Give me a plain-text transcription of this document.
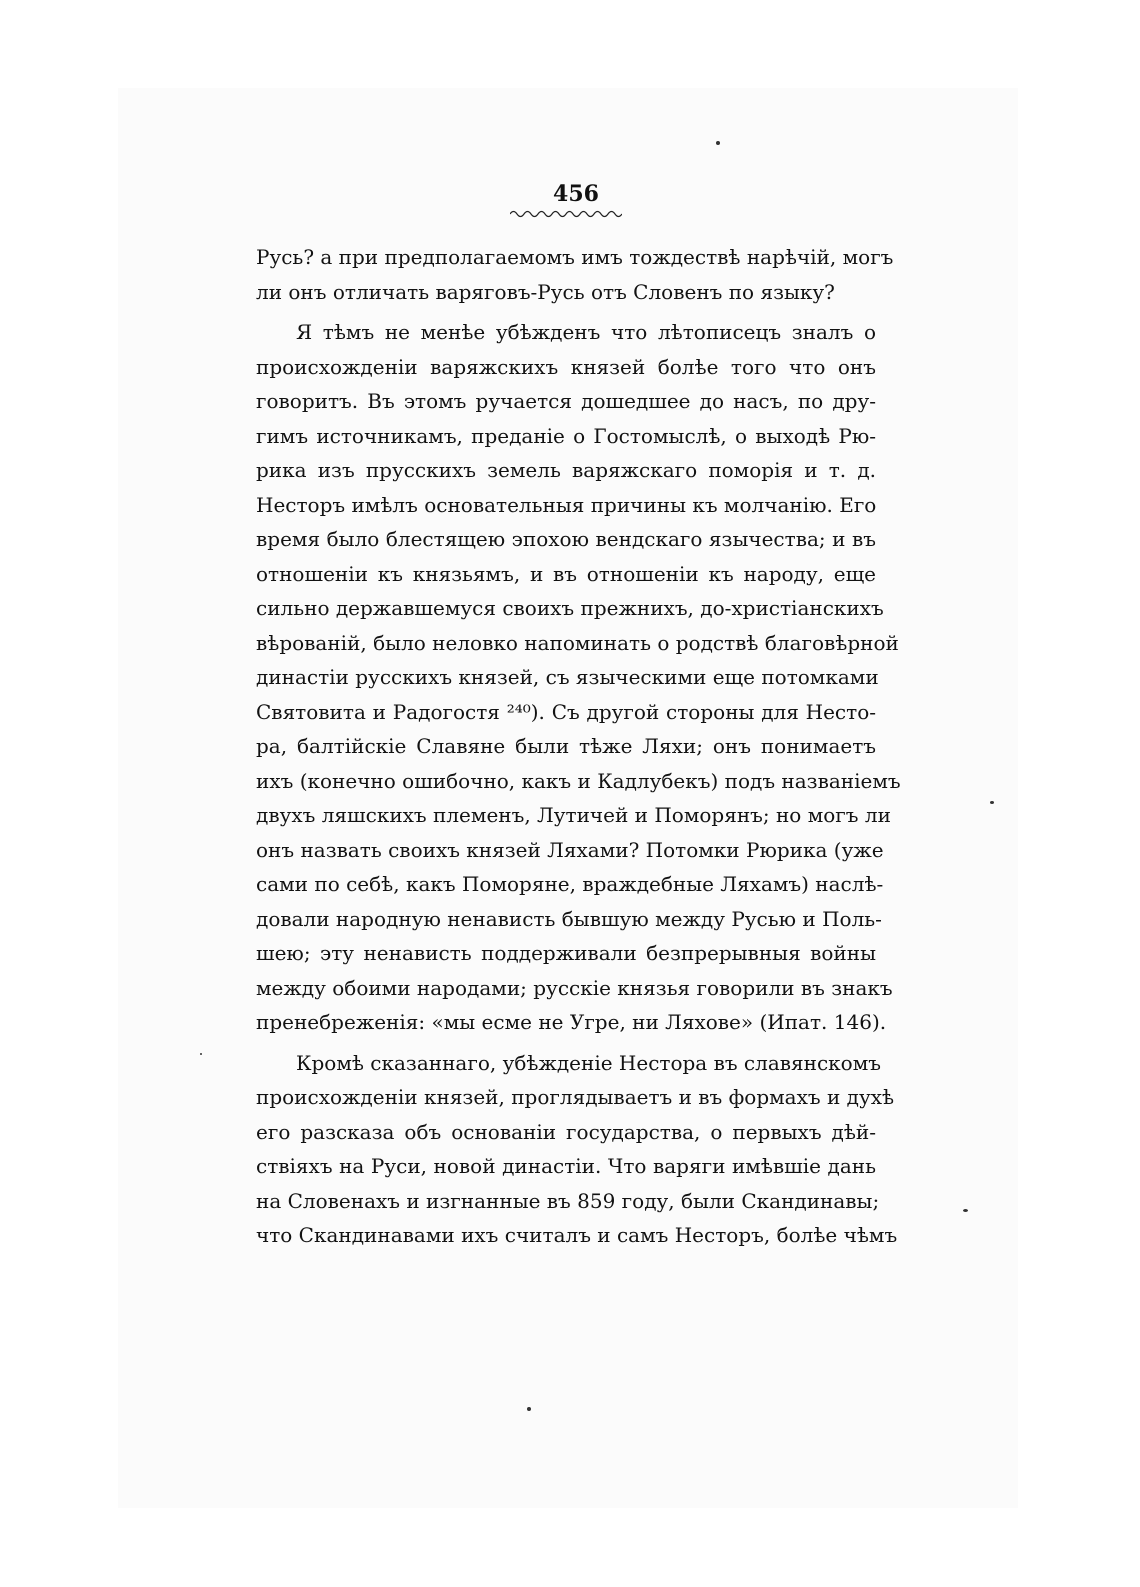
456
Русь? а при предполагаемомъ имъ тождествѣ нарѣчій, могъ
ли онъ отличать варяговъ-Русь отъ Словенъ по языку?
Я тѣмъ не менѣе убѣжденъ что лѣтописецъ зналъ о
происхожденіи варяжскихъ князей болѣе того что онъ
говоритъ. Въ этомъ ручается дошедшее до насъ, по дру-
гимъ источникамъ, преданіе о Гостомыслѣ, о выходѣ Рю-
рика изъ прусскихъ земель варяжскаго поморія и т. д.
Несторъ имѣлъ основательныя причины къ молчанію. Его
время было блестящею эпохою вендскаго язычества; и въ
отношеніи къ князьямъ, и въ отношеніи къ народу, еще
сильно державшемуся своихъ прежнихъ, до-христіанскихъ
вѣрованій, было неловко напоминать о родствѣ благовѣрной
династіи русскихъ князей, съ языческими еще потомками
Святовита и Радогостя ²⁴⁰). Съ другой стороны для Несто-
ра, балтійскіе Славяне были тѣже Ляхи; онъ понимаетъ
ихъ (конечно ошибочно, какъ и Кадлубекъ) подъ названіемъ
двухъ ляшскихъ племенъ, Лутичей и Поморянъ; но могъ ли
онъ назвать своихъ князей Ляхами? Потомки Рюрика (уже
сами по себѣ, какъ Поморяне, враждебные Ляхамъ) наслѣ-
довали народную ненависть бывшую между Русью и Поль-
шею; эту ненависть поддерживали безпрерывныя войны
между обоими народами; русскіе князья говорили въ знакъ
пренебреженія: «мы есме не Угре, ни Ляхове» (Ипат. 146).
Кромѣ сказаннаго, убѣжденіе Нестора въ славянскомъ
происхожденіи князей, проглядываетъ и въ формахъ и духѣ
его разсказа объ основаніи государства, о первыхъ дѣй-
ствіяхъ на Руси, новой династіи. Что варяги имѣвшіе дань
на Словенахъ и изгнанные въ 859 году, были Скандинавы;
что Скандинавами ихъ считалъ и самъ Несторъ, болѣе чѣмъ
